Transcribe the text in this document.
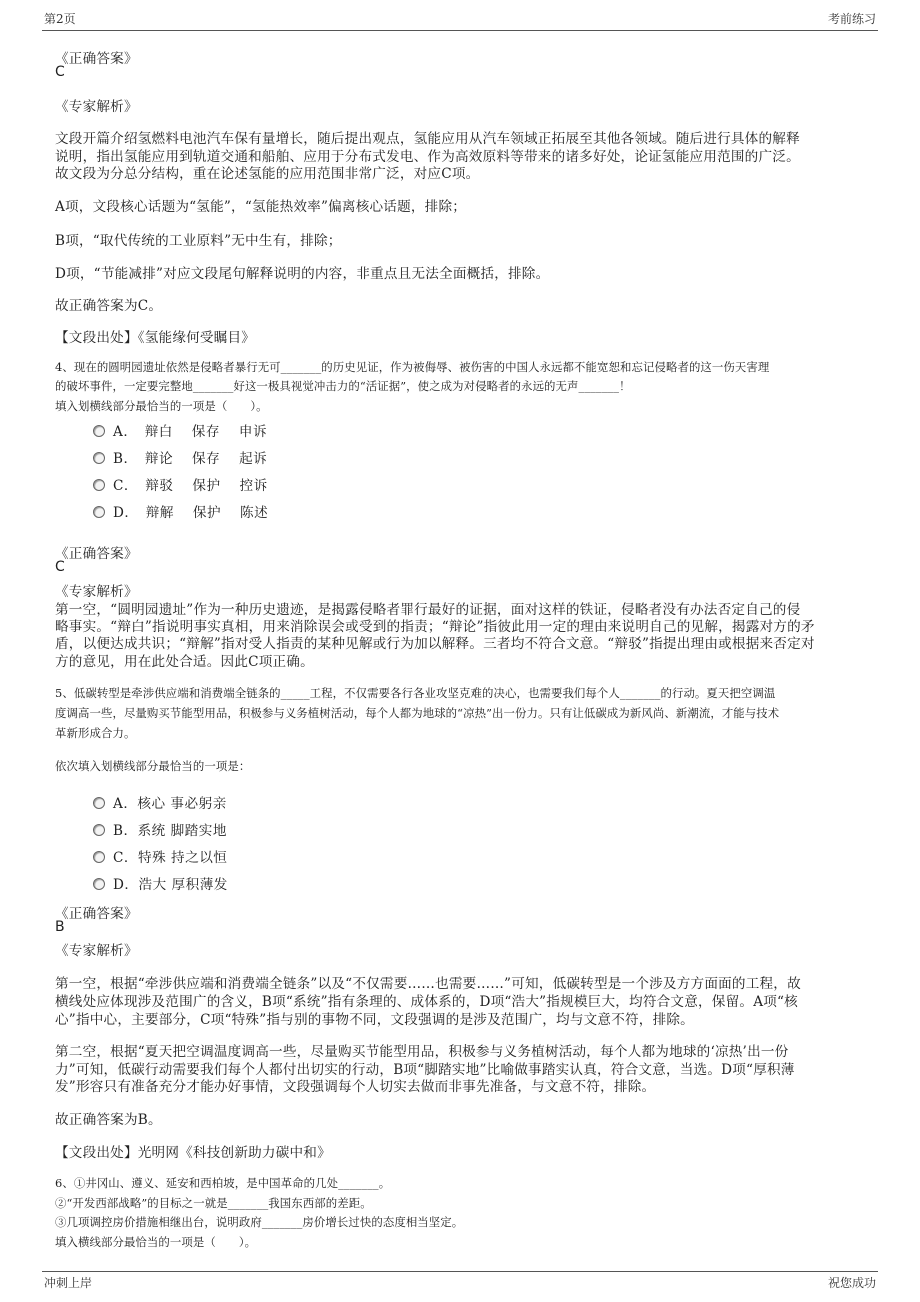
第2页	考前练习
《正确答案》
C
《专家解析》
文段开篇介绍氢燃料电池汽车保有量增长，随后提出观点，氢能应用从汽车领域正拓展至其他各领域。随后进行具体的解释
说明，指出氢能应用到轨道交通和船舶、应用于分布式发电、作为高效原料等带来的诸多好处，论证氢能应用范围的广泛。
故文段为分总分结构，重在论述氢能的应用范围非常广泛，对应C项。
A项，文段核心话题为“氢能”，“氢能热效率”偏离核心话题，排除；
B项，“取代传统的工业原料”无中生有，排除；
D项，“节能减排”对应文段尾句解释说明的内容，非重点且无法全面概括，排除。
故正确答案为C。
【文段出处】《氢能缘何受瞩目》
4、现在的圆明园遗址依然是侵略者暴行无可_______的历史见证，作为被侮辱、被伤害的中国人永远都不能宽恕和忘记侵略者的这一伤天害理
的破坏事件，一定要完整地_______好这一极具视觉冲击力的“活证据”，使之成为对侵略者的永远的无声_______！
填入划横线部分最恰当的一项是（　　）。
A．　辩白　 保存　 申诉
B．　辩论　 保存　 起诉
C．　辩驳　 保护　 控诉
D．　辩解　 保护　 陈述
《正确答案》
C
《专家解析》
第一空，“圆明园遗址”作为一种历史遗迹，是揭露侵略者罪行最好的证据，面对这样的铁证，侵略者没有办法否定自己的侵
略事实。“辩白”指说明事实真相，用来消除误会或受到的指责；“辩论”指彼此用一定的理由来说明自己的见解，揭露对方的矛
盾，以便达成共识；“辩解”指对受人指责的某种见解或行为加以解释。三者均不符合文意。“辩驳”指提出理由或根据来否定对
方的意见，用在此处合适。因此C项正确。
5、低碳转型是牵涉供应端和消费端全链条的_____工程，不仅需要各行各业攻坚克难的决心，也需要我们每个人_______的行动。夏天把空调温
度调高一些，尽量购买节能型用品，积极参与义务植树活动，每个人都为地球的“凉热”出一份力。只有让低碳成为新风尚、新潮流，才能与技术
革新形成合力。
依次填入划横线部分最恰当的一项是：
A．核心 事必躬亲
B．系统 脚踏实地
C．特殊 持之以恒
D．浩大 厚积薄发
《正确答案》
B
《专家解析》
第一空，根据“牵涉供应端和消费端全链条”以及“不仅需要……也需要……”可知，低碳转型是一个涉及方方面面的工程，故
横线处应体现涉及范围广的含义，B项“系统”指有条理的、成体系的，D项“浩大”指规模巨大，均符合文意，保留。A项“核
心”指中心，主要部分，C项“特殊”指与别的事物不同，文段强调的是涉及范围广，均与文意不符，排除。
第二空，根据“夏天把空调温度调高一些，尽量购买节能型用品，积极参与义务植树活动，每个人都为地球的‘凉热’出一份
力”可知，低碳行动需要我们每个人都付出切实的行动，B项“脚踏实地”比喻做事踏实认真，符合文意，当选。D项“厚积薄
发”形容只有准备充分才能办好事情，文段强调每个人切实去做而非事先准备，与文意不符，排除。
故正确答案为B。
【文段出处】光明网《科技创新助力碳中和》
6、①井冈山、遵义、延安和西柏坡，是中国革命的几处_______。
②“开发西部战略”的目标之一就是_______我国东西部的差距。
③几项调控房价措施相继出台，说明政府_______房价增长过快的态度相当坚定。
填入横线部分最恰当的一项是（　　）。
冲刺上岸	祝您成功
